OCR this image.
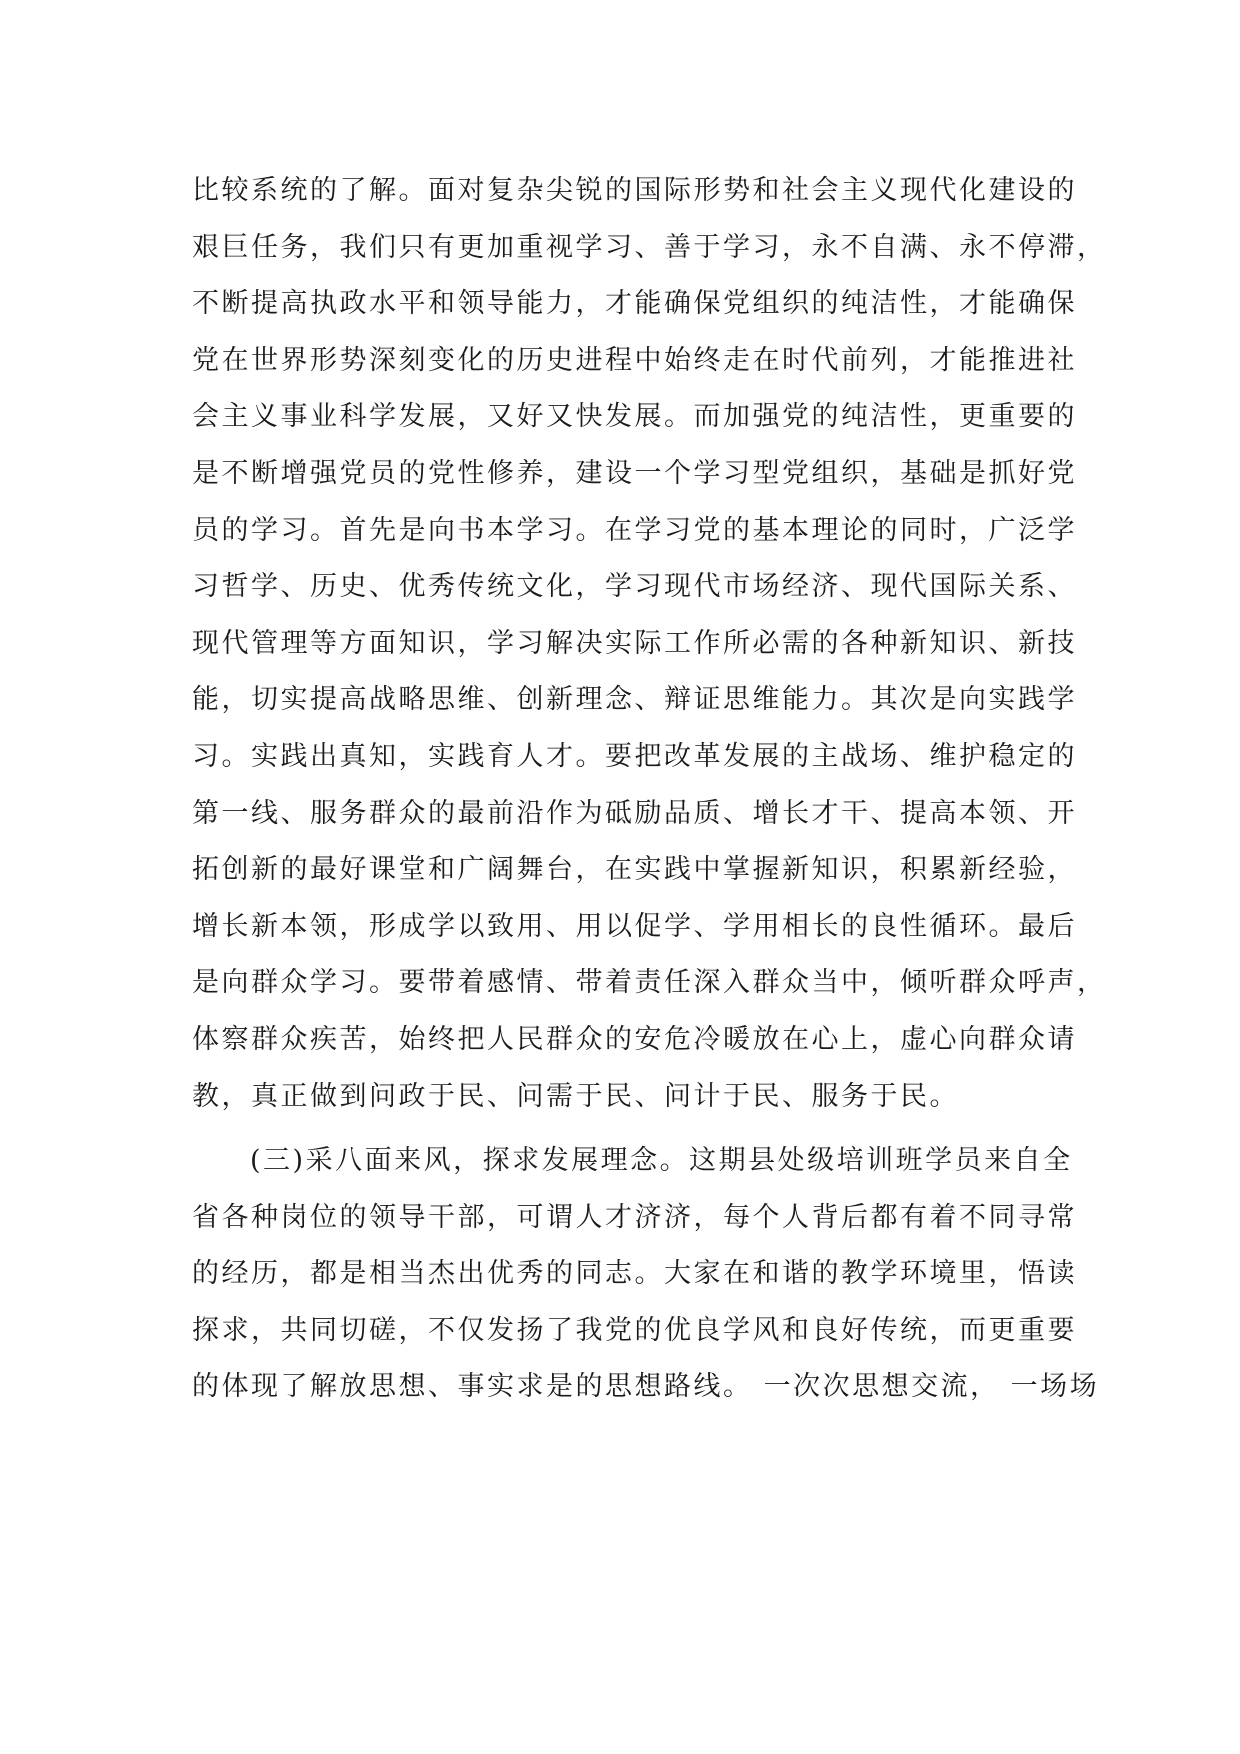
比较系统的了解。面对复杂尖锐的国际形势和社会主义现代化建设的
艰巨任务，我们只有更加重视学习、善于学习，永不自满、永不停滞，
不断提高执政水平和领导能力，才能确保党组织的纯洁性，才能确保
党在世界形势深刻变化的历史进程中始终走在时代前列，才能推进社
会主义事业科学发展，又好又快发展。而加强党的纯洁性，更重要的
是不断增强党员的党性修养，建设一个学习型党组织，基础是抓好党
员的学习。首先是向书本学习。在学习党的基本理论的同时，广泛学
习哲学、历史、优秀传统文化，学习现代市场经济、现代国际关系、
现代管理等方面知识，学习解决实际工作所必需的各种新知识、新技
能，切实提高战略思维、创新理念、辩证思维能力。其次是向实践学
习。实践出真知，实践育人才。要把改革发展的主战场、维护稳定的
第一线、服务群众的最前沿作为砥励品质、增长才干、提高本领、开
拓创新的最好课堂和广阔舞台，在实践中掌握新知识，积累新经验，
增长新本领，形成学以致用、用以促学、学用相长的良性循环。最后
是向群众学习。要带着感情、带着责任深入群众当中，倾听群众呼声，
体察群众疾苦，始终把人民群众的安危冷暖放在心上，虚心向群众请
教，真正做到问政于民、问需于民、问计于民、服务于民。
(三)采八面来风，探求发展理念。这期县处级培训班学员来自全
省各种岗位的领导干部，可谓人才济济，每个人背后都有着不同寻常
的经历，都是相当杰出优秀的同志。大家在和谐的教学环境里，悟读
探求，共同切磋，不仅发扬了我党的优良学风和良好传统，而更重要
的体现了解放思想、事实求是的思想路线。 一次次思想交流， 一场场
